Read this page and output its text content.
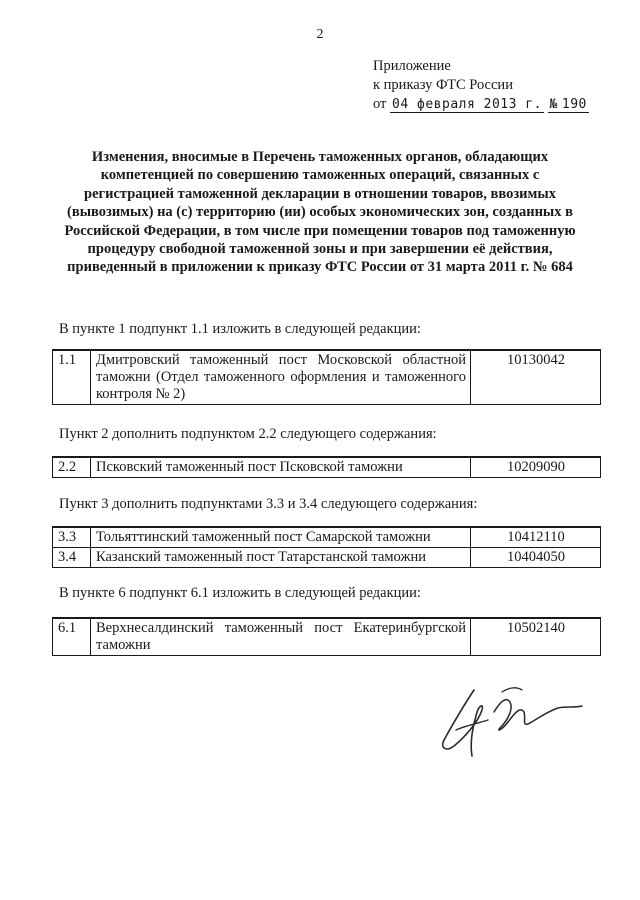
2
Приложение
к приказу ФТС России
от 04 февраля 2013 г. № 190
Изменения, вносимые в Перечень таможенных органов, обладающих компетенцией по совершению таможенных операций, связанных с регистрацией таможенной декларации в отношении товаров, ввозимых (вывозимых) на (с) территорию (ии) особых экономических зон, созданных в Российской Федерации, в том числе при помещении товаров под таможенную процедуру свободной таможенной зоны и при завершении её действия, приведенный в приложении к приказу ФТС России от 31 марта 2011 г. № 684
В пункте 1 подпункт 1.1 изложить в следующей редакции:
1.1	Дмитровский таможенный пост Московской областной таможни (Отдел таможенного оформления и таможенного контроля № 2)	10130042
Пункт 2 дополнить подпунктом 2.2 следующего содержания:
2.2	Псковский таможенный пост Псковской таможни	10209090
Пункт 3 дополнить подпунктами 3.3 и 3.4 следующего содержания:
3.3	Тольяттинский таможенный пост Самарской таможни	10412110
3.4	Казанский таможенный пост Татарстанской таможни	10404050
В пункте 6 подпункт 6.1 изложить в следующей редакции:
6.1	Верхнесалдинский таможенный пост Екатеринбургской таможни	10502140
